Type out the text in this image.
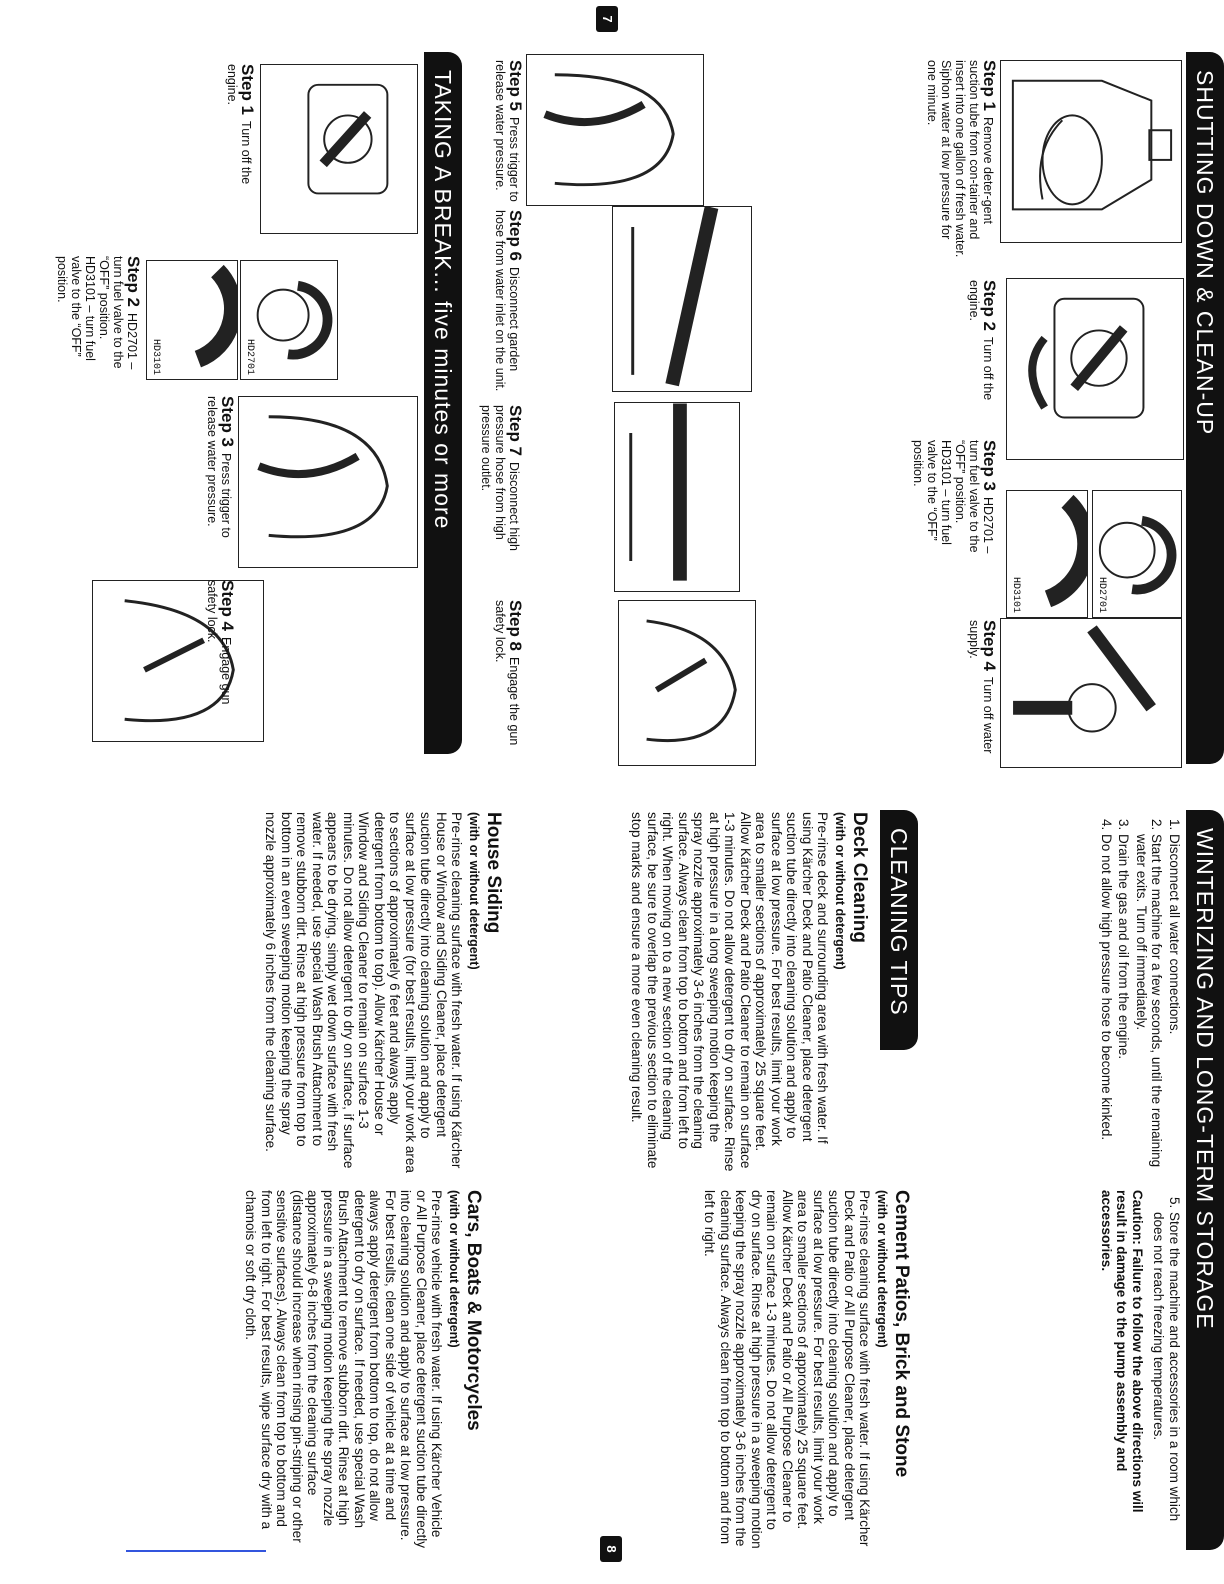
7
8
SHUTTING DOWN & CLEAN-UP
HD2701
HD3101
Step 1Remove deter-gent suction tube from con-tainer and insert into one gallon of fresh water. Siphon water at low pressure for one minute.
Step 2Turn off the engine.
Step 3HD2701 – turn fuel valve to the “OFF” position. HD3101 – turn fuel valve to the “OFF” position.
Step 4Turn off water supply.
Step 5Press trigger to release water pressure.
Step 6Disconnect garden hose from water inlet on the unit.
Step 7Disconnect high pressure hose from high pressure outlet.
Step 8Engage the gun safety lock.
TAKING A BREAK... five minutes or more
HD2701
HD3101
Step 1Turn off the engine.
Step 2HD2701 – turn fuel valve to the “OFF” position. HD3101 – turn fuel valve to the “OFF” position.
Step 3Press trigger to release water pressure.
Step 4Engage gun safety lock.
WINTERIZING AND LONG-TERM STORAGE
1. Disconnect all water connections.
2. Start the machine for a few seconds, until the remaining water exits. Turn off immediately.
3. Drain the gas and oil from the engine.
4. Do not allow high pressure hose to become kinked.
5. Store the machine and accessories in a room which does not reach freezing temperatures.
Caution: Failure to follow the above directions will result in damage to the pump assembly and accessories.
CLEANING TIPS
Deck Cleaning
(with or without detergent)

Pre-rinse deck and surrounding area with fresh water. If using Kärcher Deck and Patio Cleaner, place detergent suction tube directly into cleaning solution and apply to surface at low pressure. For best results, limit your work area to smaller sections of approximately 25 square feet. Allow Kärcher Deck and Patio Cleaner to remain on surface 1-3 minutes. Do not allow detergent to dry on surface. Rinse at high pressure in a long sweeping motion keeping the spray nozzle approximately 3-6 inches from the cleaning surface. Always clean from top to bottom and from left to right. When moving on to a new section of the cleaning surface, be sure to overlap the previous section to eliminate stop marks and ensure a more even cleaning result.

House Siding
(with or without detergent)

Pre-rinse cleaning surface with fresh water. If using Kärcher House or Window and Siding Cleaner, place detergent suction tube directly into cleaning solution and apply to surface at low pressure (for best results, limit your work area to sections of approximately 6 feet and always apply detergent from bottom to top). Allow Kärcher House or Window and Siding Cleaner to remain on surface 1-3 minutes. Do not allow detergent to dry on surface, if surface appears to be drying, simply wet down surface with fresh water. If needed, use special Wash Brush Attachment to remove stubborn dirt. Rinse at high pressure from top to bottom in an even sweeping motion keeping the spray nozzle approximately 6 inches from the cleaning surface.

Cement Patios, Brick and Stone
(with or without detergent)

Pre-rinse cleaning surface with fresh water. If using Kärcher Deck and Patio or All Purpose Cleaner, place detergent suction tube directly into cleaning solution and apply to surface at low pressure. For best results, limit your work area to smaller sections of approximately 25 square feet. Allow Kärcher Deck and Patio or All Purpose Cleaner to remain on surface 1-3 minutes. Do not allow detergent to dry on surface. Rinse at high pressure in a sweeping motion keeping the spray nozzle approximately 3-6 inches from the cleaning surface. Always clean from top to bottom and from left to right.

Cars, Boats & Motorcycles
(with or without detergent)

Pre-rinse vehicle with fresh water. If using Kärcher Vehicle or All Purpose Cleaner, place detergent suction tube directly into cleaning solution and apply to surface at low pressure. For best results, clean one side of vehicle at a time and always apply detergent from bottom to top, do not allow detergent to dry on surface. If needed, use special Wash Brush Attachment to remove stubborn dirt. Rinse at high pressure in a sweeping motion keeping the spray nozzle approximately 6-8 inches from the cleaning surface (distance should increase when rinsing pin-striping or other sensitive surfaces). Always clean from top to bottom and from left to right. For best results, wipe surface dry with a chamois or soft dry cloth.
